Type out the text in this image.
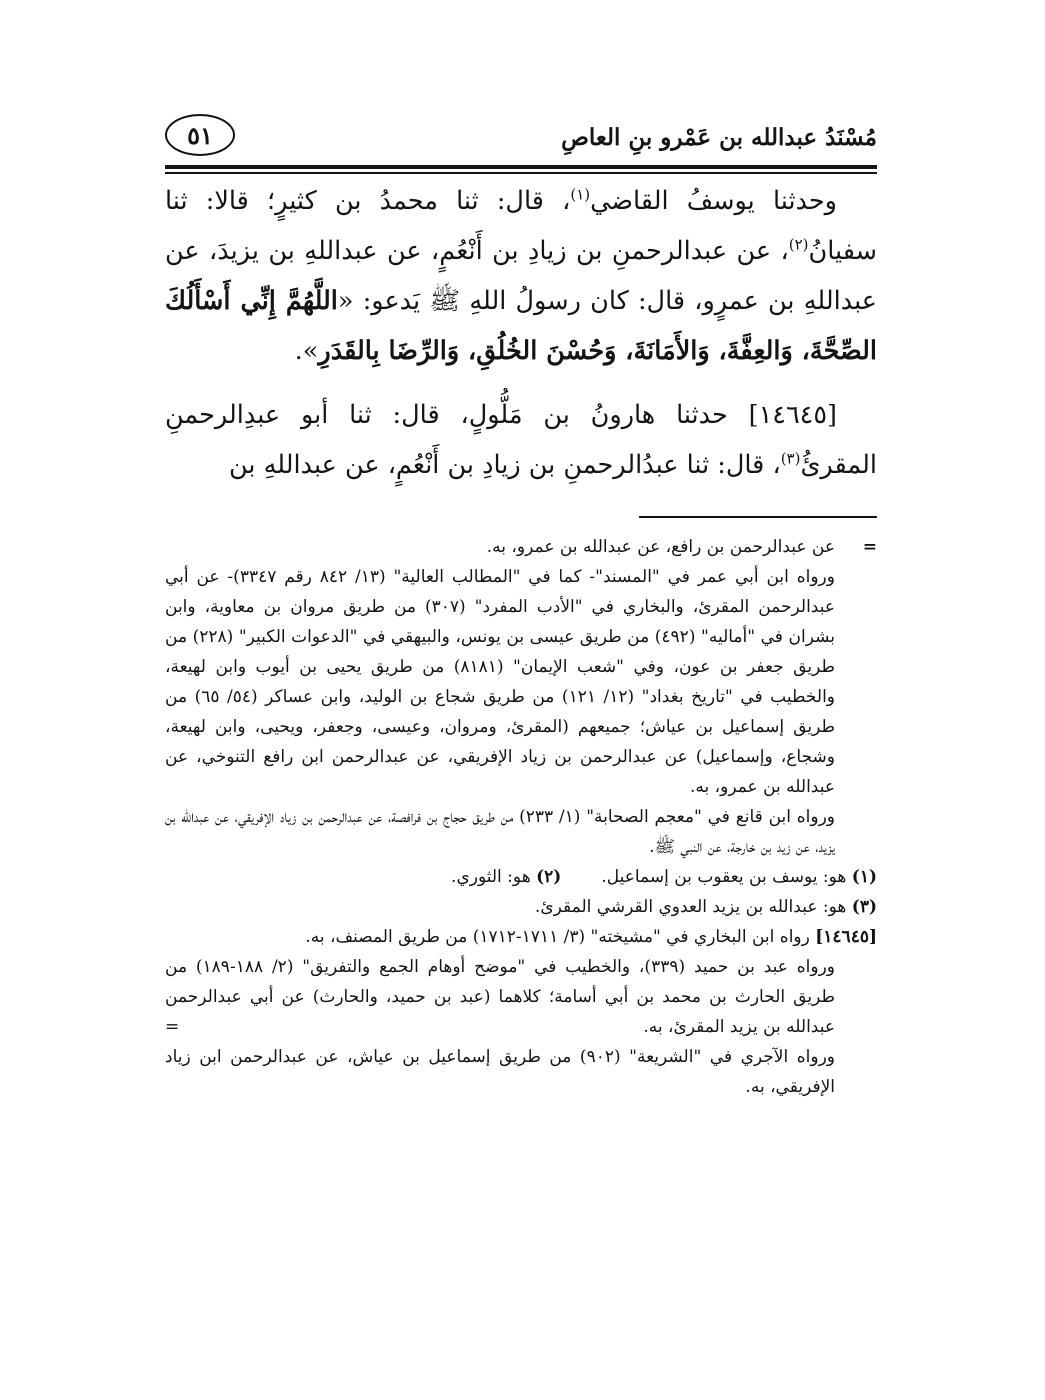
مُسْنَدُ عبدالله بن عَمْرو بنِ العاصِ
٥١

وحدثنا يوسفُ القاضي$^{(١)}$، قال: ثنا محمدُ بن كثيرٍ؛ قالا: ثنا سفيانُ$^{(٢)}$، عن عبدالرحمنِ بن زيادِ بن أَنْعُمٍ، عن عبداللهِ بن يزيدَ، عن عبداللهِ بن عمرٍو، قال: كان رسولُ اللهِ ﷺ يَدعو: «اللَّهُمَّ إِنِّي أَسْأَلُكَ الصِّحَّةَ، وَالعِفَّةَ، وَالأَمَانَةَ، وَحُسْنَ الخُلُقِ، وَالرِّضَا بِالقَدَرِ».

[١٤٦٤٥] حدثنا هارونُ بن مَلُّولٍ، قال: ثنا أبو عبدِالرحمنِ المقرئُ$^{(٣)}$، قال: ثنا عبدُالرحمنِ بن زيادِ بن أَنْعُمٍ، عن عبداللهِ بن

=

عن عبدالرحمن بن رافع، عن عبدالله بن عمرو، به.

ورواه ابن أبي عمر في "المسند"- كما في "المطالب العالية" (١٣/ ٨٤٢ رقم ٣٣٤٧)- عن أبي عبدالرحمن المقرئ، والبخاري في "الأدب المفرد" (٣٠٧) من طريق مروان بن معاوية، وابن بشران في "أماليه" (٤٩٢) من طريق عيسى بن يونس، والبيهقي في "الدعوات الكبير" (٢٢٨) من طريق جعفر بن عون، وفي "شعب الإيمان" (٨١٨١) من طريق يحيى بن أيوب وابن لهيعة، والخطيب في "تاريخ بغداد" (١٢/ ١٢١) من طريق شجاع بن الوليد، وابن عساكر (٥٤/ ٦٥) من طريق إسماعيل بن عياش؛ جميعهم (المقرئ، ومروان، وعيسى، وجعفر، ويحيى، وابن لهيعة، وشجاع، وإسماعيل) عن عبدالرحمن بن زياد الإفريقي، عن عبدالرحمن ابن رافع التنوخي، عن عبدالله بن عمرو، به.

ورواه ابن قانع في "معجم الصحابة" (١/ ٢٣٣) من طريق حجاج بن فرافصة، عن عبدالرحمن بن زياد الإفريقي، عن عبدالله بن يزيد، عن زيد بن خارجة، عن النبي ﷺ.

(١) هو: يوسف بن يعقوب بن إسماعيل.(٢) هو: الثوري.

(٣) هو: عبدالله بن يزيد العدوي القرشي المقرئ.

[١٤٦٤٥] رواه ابن البخاري في "مشيخته" (٣/ ١٧١١-١٧١٢) من طريق المصنف، به.

ورواه عبد بن حميد (٣٣٩)، والخطيب في "موضح أوهام الجمع والتفريق" (٢/ ١٨٨-١٨٩) من طريق الحارث بن محمد بن أبي أسامة؛ كلاهما (عبد بن حميد، والحارث) عن أبي عبدالرحمن عبدالله بن يزيد المقرئ، به.

ورواه الآجري في "الشريعة" (٩٠٢) من طريق إسماعيل بن عياش، عن عبدالرحمن ابن زياد الإفريقي، به.

=
